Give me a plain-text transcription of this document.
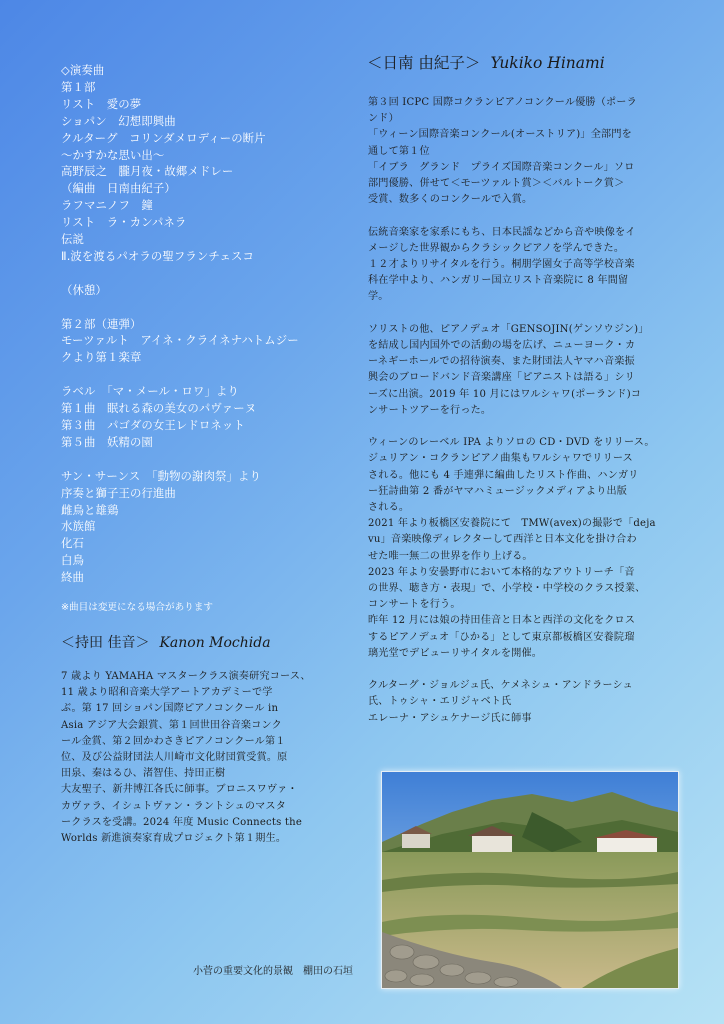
◇演奏曲
第１部
リスト　愛の夢
ショパン　幻想即興曲
クルターグ　コリンダメロディーの断片
〜かすかな思い出〜
高野辰之　朧月夜・故郷メドレー
（編曲　日南由紀子）
ラフマニノフ　鐘
リスト　ラ・カンパネラ
伝説
Ⅱ.波を渡るパオラの聖フランチェスコ
（休憩）
第２部（連弾）
モーツァルト　アイネ・クライネナハトムジー
クより第１楽章
ラベル　「マ・メール・ロワ」より
第１曲　眠れる森の美女のパヴァーヌ
第３曲　パゴダの女王レドロネット
第５曲　妖精の園
サン・サーンス　「動物の謝肉祭」より
序奏と獅子王の行進曲
雌鳥と雄鶏
水族館
化石
白鳥
終曲
※曲目は変更になる場合があります
＜日南 由紀子＞ Yukiko Hinami
第３回 ICPC 国際コクランピアノコンクール優勝（ポーラ
ンド）
「ウィーン国際音楽コンクール(オーストリア)」全部門を
通して第１位
「イブラ　グランド　プライズ国際音楽コンクール」ソロ
部門優勝、併せて＜モーツァルト賞＞＜バルトーク賞＞
受賞、数多くのコンクールで入賞。
伝統音楽家を家系にもち、日本民謡などから音や映像をイ
メージした世界観からクラシックピアノを学んできた。
１２才よりリサイタルを行う。桐朋学園女子高等学校音楽
科在学中より、ハンガリー国立リスト音楽院に 8 年間留
学。
ソリストの他、ピアノデュオ「GENSOJIN(ゲンソウジン)」
を結成し国内国外での活動の場を広げ、ニューヨーク・カ
ーネギーホールでの招待演奏、また財団法人ヤマハ音楽振
興会のブロードバンド音楽講座「ピアニストは語る」シリ
ーズに出演。2019 年 10 月にはワルシャワ(ポーランド)コ
ンサートツアーを行った。
ウィーンのレーベル IPA よりソロの CD・DVD をリリース。
ジュリアン・コクランピアノ曲集もワルシャワでリリース
される。他にも 4 手連弾に編曲したリスト作曲、ハンガリ
ー狂詩曲第 2 番がヤマハミュージックメディアより出版
される。
2021 年より板橋区安養院にて　TMW(avex)の撮影で「deja
vu」音楽映像ディレクターして西洋と日本文化を掛け合わ
せた唯一無二の世界を作り上げる。
2023 年より安曇野市において本格的なアウトリーチ「音
の世界、聴き方・表現」で、小学校・中学校のクラス授業、
コンサートを行う。
昨年 12 月には娘の持田佳音と日本と西洋の文化をクロス
するピアノデュオ「ひかる」として東京都板橋区安養院瑠
璃光堂でデビューリサイタルを開催。
クルターグ・ジョルジュ氏、ケメネシュ・アンドラーシュ
氏、トゥシャ・エリジャベト氏
エレーナ・アシュケナージ氏に師事
＜持田 佳音＞ Kanon Mochida
7 歳より YAMAHA マスタークラス演奏研究コース、
11 歳より昭和音楽大学アートアカデミーで学
ぶ。第 17 回ショパン国際ピアノコンクール in
Asia アジア大会銀賞、第１回世田谷音楽コンク
ール金賞、第２回かわさきピアノコンクール第１
位、及び公益財団法人川崎市文化財団賞受賞。原
田泉、秦はるひ、渚智佳、持田正樹
大友聖子、新井博江各氏に師事。ブロニスワヴァ・
カヴァラ、イシュトヴァン・ラントシュのマスタ
ークラスを受講。2024 年度 Music Connects the
Worlds 新進演奏家育成プロジェクト第１期生。
小菅の重要文化的景観　棚田の石垣
